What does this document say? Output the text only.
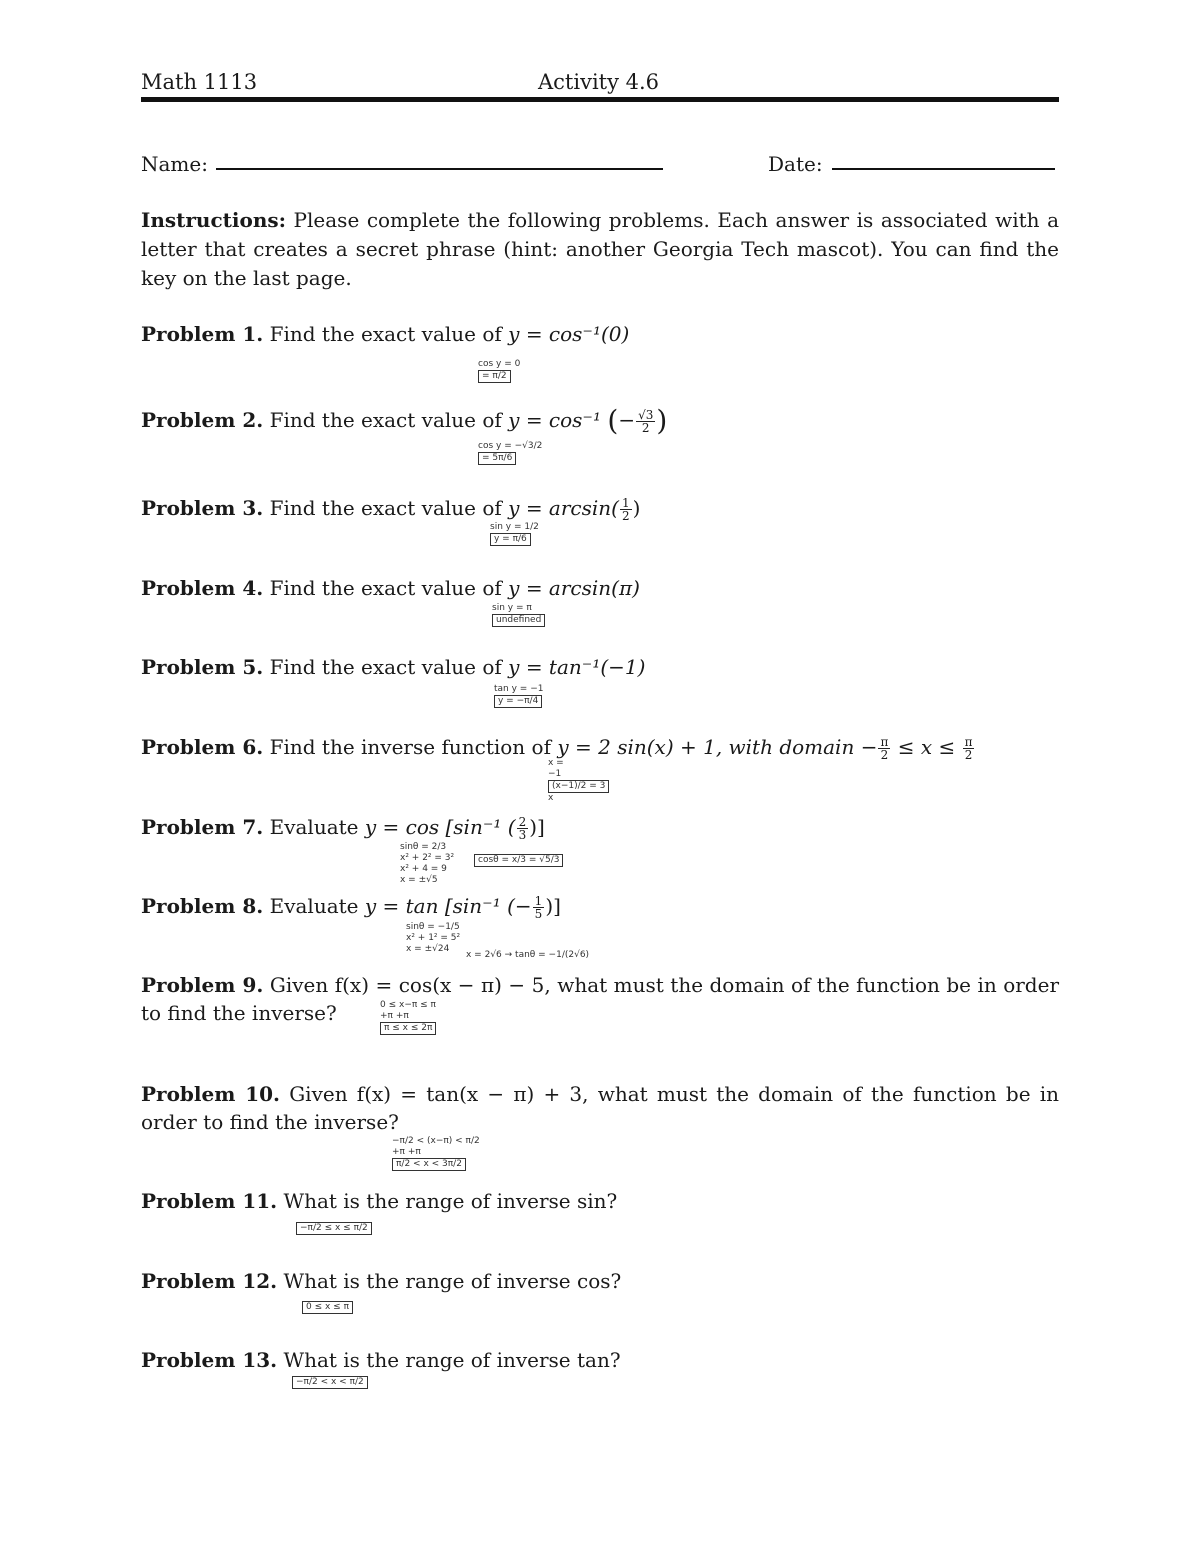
Math 1113	Activity 4.6
Name:	Date:
Instructions: Please complete the following problems. Each answer is associated with a letter that creates a secret phrase (hint: another Georgia Tech mascot). You can find the key on the last page.
Problem 1. Find the exact value of y = cos⁻¹(0)
cos y = 0
= π/2
Problem 2. Find the exact value of y = cos⁻¹ (− $\frac{√3}{2}$ )
cos y = −√3/2
= 5π/6
Problem 3. Find the exact value of $y = \arcsin( \frac{1}{2}$ )
sin y = 1/2
y = π/6
Problem 4. Find the exact value of y = arcsin(π)
sin y = π
undefined
Problem 5. Find the exact value of y = tan⁻¹(−1)
tan y = −1
y = −π/4
Problem 6. Find the inverse function of y = 2 sin(x) + 1, with domain − $\frac{\pi}{2} \le x \le \frac{\pi}{2}$
x =
−1
(x−1)/2 = 3
x
Problem 7. Evaluate y = cos [sin⁻¹ ( $\frac{2}{3}$ )]
sinθ = 2/3
x² + 2² = 3²
x² + 4 = 9
x = ±√5
cosθ = x/3 = √5/3
Problem 8. Evaluate y = tan [sin⁻¹ (− $\frac{1}{5}$ )]
sinθ = −1/5
x² + 1² = 5²
x = ±√24
x = 2√6 → tanθ = −1/(2√6)
Problem 9. Given f(x) = cos(x − π) − 5, what must the domain of the function be in order to find the inverse?	0 ≤ x−π ≤ π
+π +π
π ≤ x ≤ 2π
Problem 10. Given f(x) = tan(x − π) + 3, what must the domain of the function be in order to find the inverse?
−π/2 < (x−π) < π/2
+π +π
π/2 < x < 3π/2
Problem 11. What is the range of inverse sin?
−π/2 ≤ x ≤ π/2
Problem 12. What is the range of inverse cos?
0 ≤ x ≤ π
Problem 13. What is the range of inverse tan?
−π/2 < x < π/2
